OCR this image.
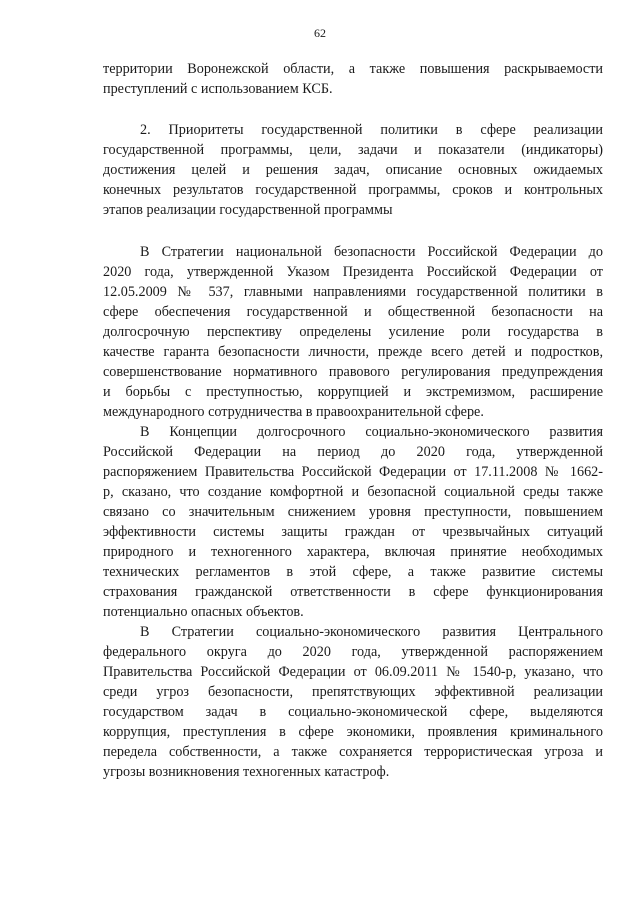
62
территории Воронежской области, а также повышения раскрываемости
преступлений с использованием КСБ.
2. Приоритеты государственной политики в сфере реализации
государственной программы, цели, задачи и показатели (индикаторы)
достижения целей и решения задач, описание основных ожидаемых
конечных результатов государственной программы, сроков и контрольных
этапов реализации государственной программы
В Стратегии национальной безопасности Российской Федерации до
2020 года, утвержденной Указом Президента Российской Федерации от
12.05.2009 № 537, главными направлениями государственной политики в
сфере обеспечения государственной и общественной безопасности на
долгосрочную перспективу определены усиление роли государства в
качестве гаранта безопасности личности, прежде всего детей и подростков,
совершенствование нормативного правового регулирования предупреждения
и борьбы с преступностью, коррупцией и экстремизмом, расширение
международного сотрудничества в правоохранительной сфере.
В Концепции долгосрочного социально-экономического развития
Российской Федерации на период до 2020 года, утвержденной
распоряжением Правительства Российской Федерации от 17.11.2008 № 1662-
р, сказано, что создание комфортной и безопасной социальной среды также
связано со значительным снижением уровня преступности, повышением
эффективности системы защиты граждан от чрезвычайных ситуаций
природного и техногенного характера, включая принятие необходимых
технических регламентов в этой сфере, а также развитие системы
страхования гражданской ответственности в сфере функционирования
потенциально опасных объектов.
В Стратегии социально-экономического развития Центрального
федерального округа до 2020 года, утвержденной распоряжением
Правительства Российской Федерации от 06.09.2011 № 1540-р, указано, что
среди угроз безопасности, препятствующих эффективной реализации
государством задач в социально-экономической сфере, выделяются
коррупция, преступления в сфере экономики, проявления криминального
передела собственности, а также сохраняется террористическая угроза и
угрозы возникновения техногенных катастроф.
